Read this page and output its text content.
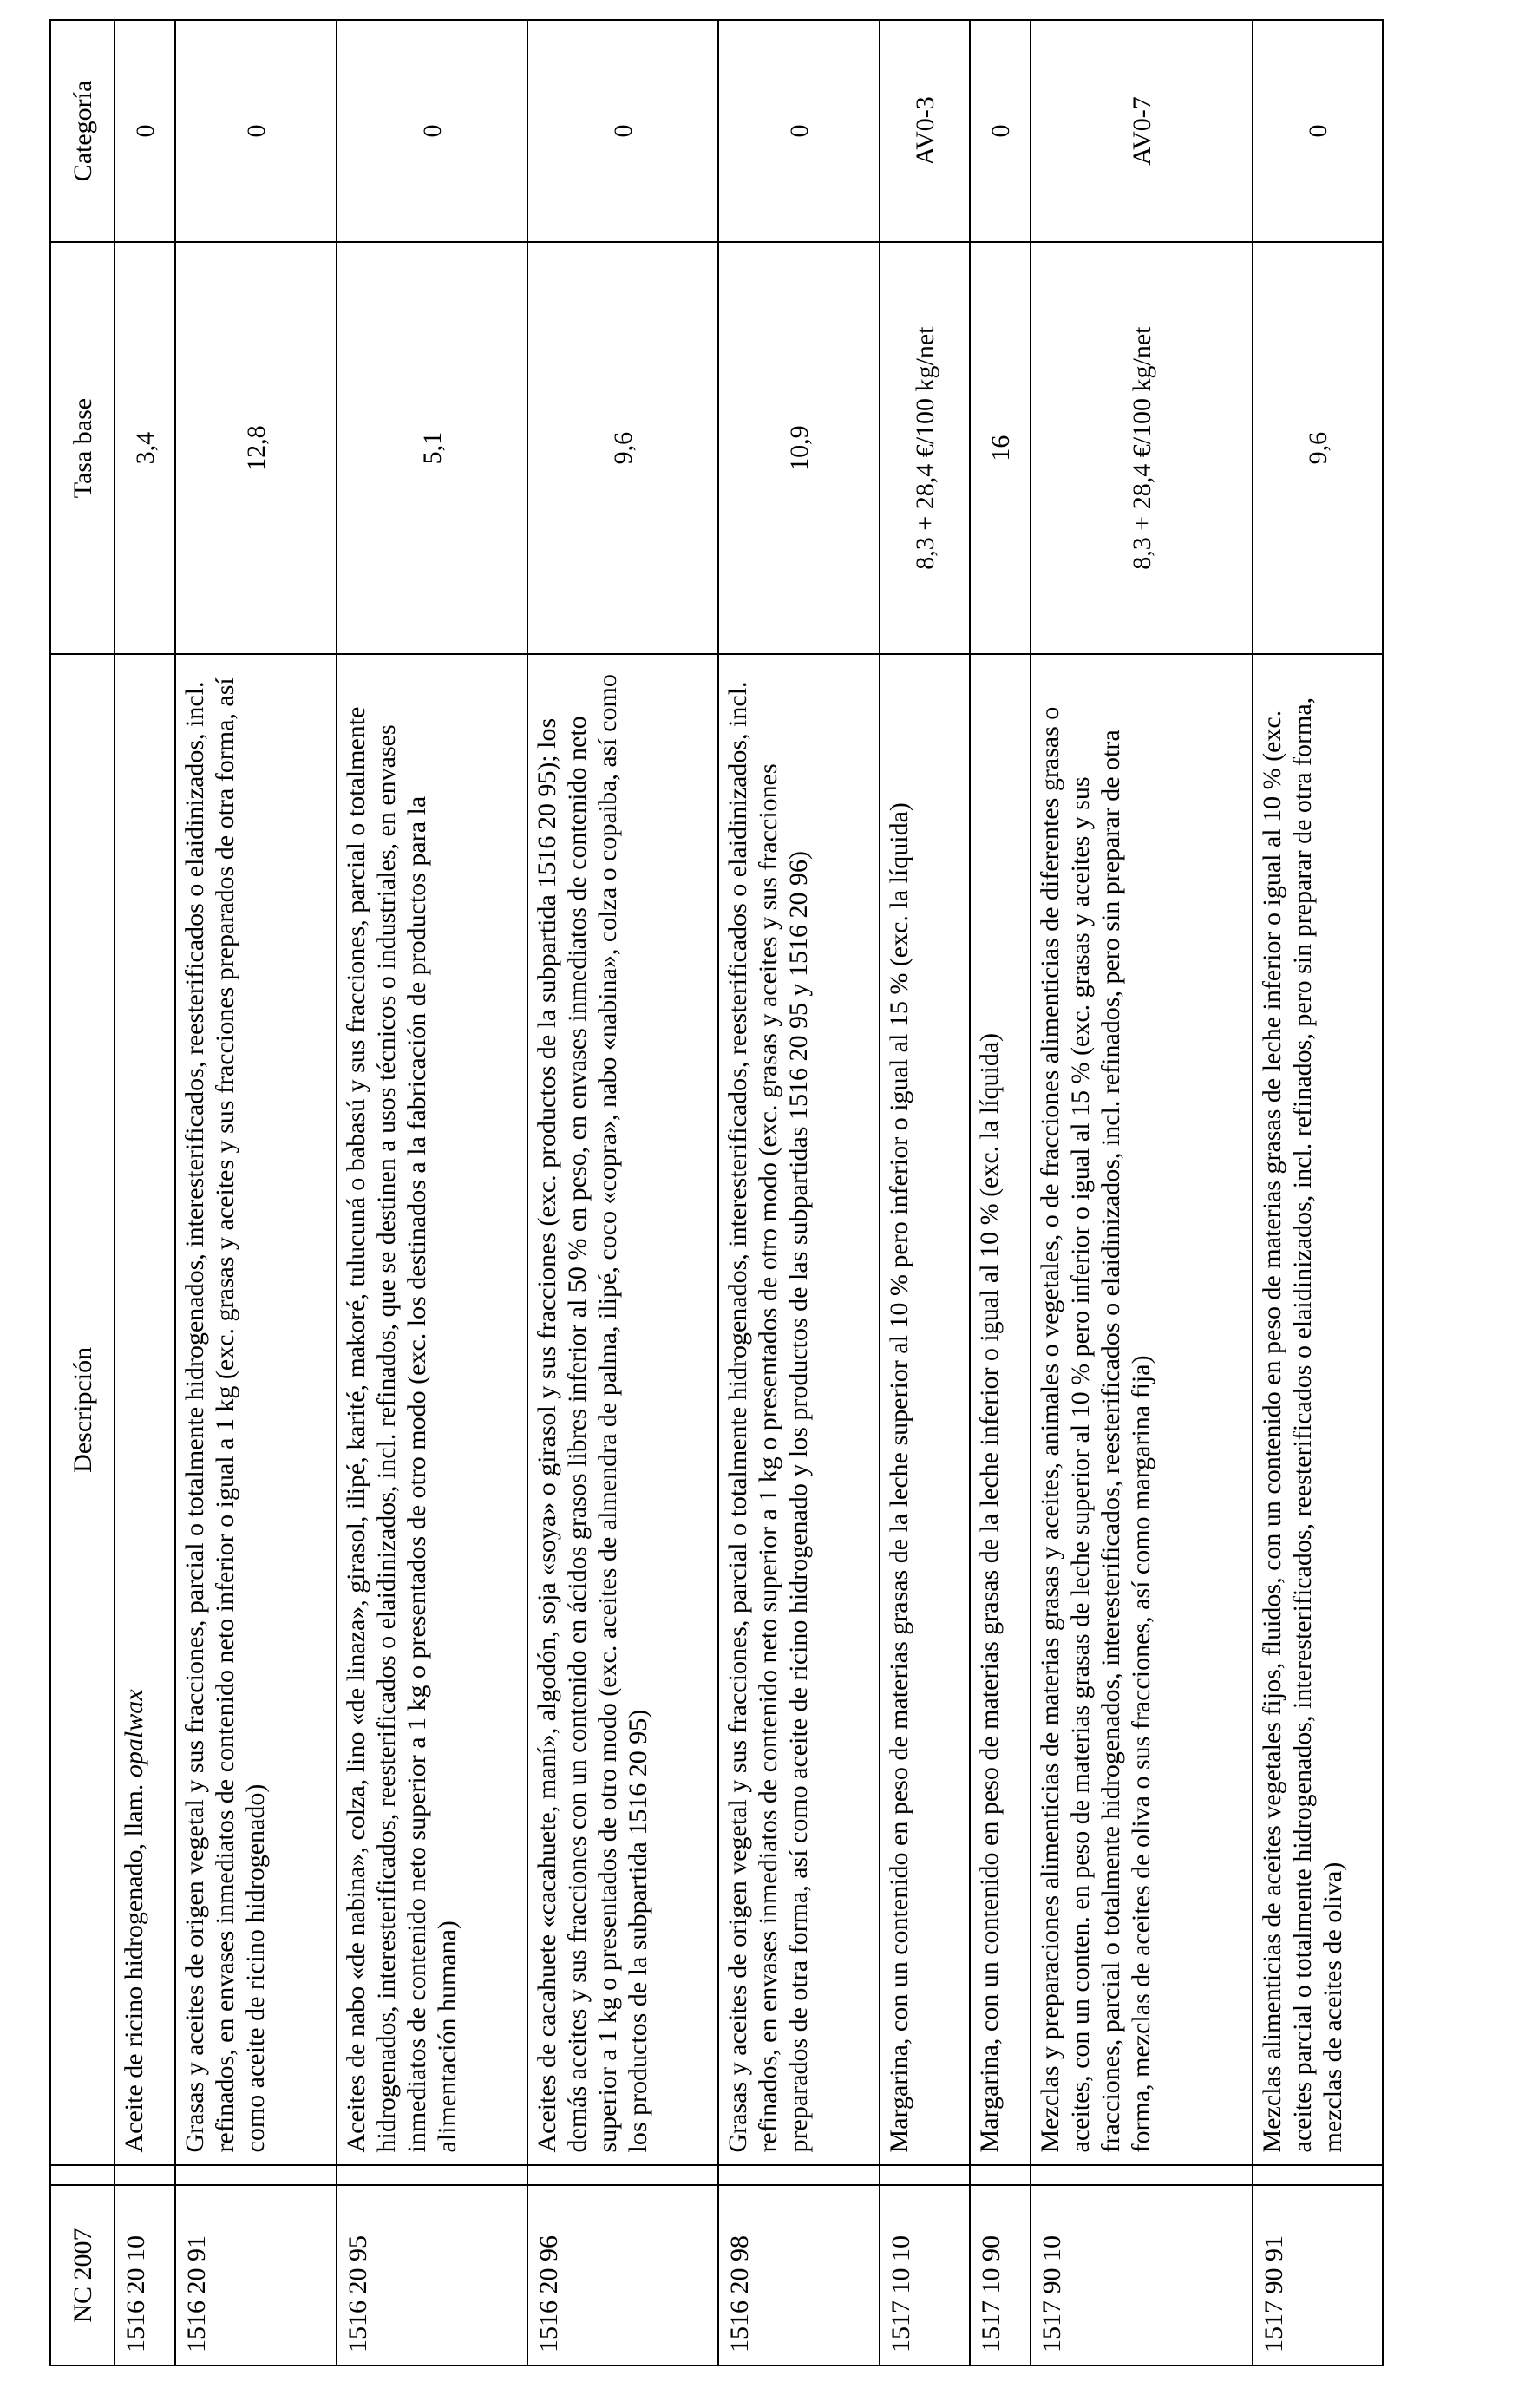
NC 2007		Descripción	Tasa base	Categoría
1516 20 10		Aceite de ricino hidrogenado, llam. opalwax	3,4	0
1516 20 91		Grasas y aceites de origen vegetal y sus fracciones, parcial o totalmente hidrogenados, interesterificados, reesterificados o elaidinizados, incl. refinados, en envases inmediatos de contenido neto inferior o igual a 1 kg (exc. grasas y aceites y sus fracciones preparados de otra forma, así como aceite de ricino hidrogenado)	12,8	0
1516 20 95		Aceites de nabo «de nabina», colza, lino «de linaza», girasol, ilipé, karité, makoré, tulucuná o babasú y sus fracciones, parcial o totalmente hidrogenados, interesterificados, reesterificados o elaidinizados, incl. refinados, que se destinen a usos técnicos o industriales, en envases inmediatos de contenido neto superior a 1 kg o presentados de otro modo (exc. los destinados a la fabricación de productos para la alimentación humana)	5,1	0
1516 20 96		Aceites de cacahuete «cacahuete, maní», algodón, soja «soya» o girasol y sus fracciones (exc. productos de la subpartida 1516 20 95); los demás aceites y sus fracciones con un contenido en ácidos grasos libres inferior al 50 % en peso, en envases inmediatos de contenido neto superior a 1 kg o presentados de otro modo (exc. aceites de almendra de palma, ilipé, coco «copra», nabo «nabina», colza o copaiba, así como los productos de la subpartida 1516 20 95)	9,6	0
1516 20 98		Grasas y aceites de origen vegetal y sus fracciones, parcial o totalmente hidrogenados, interesterificados, reesterificados o elaidinizados, incl. refinados, en envases inmediatos de contenido neto superior a 1 kg o presentados de otro modo (exc. grasas y aceites y sus fracciones preparados de otra forma, así como aceite de ricino hidrogenado y los productos de las subpartidas 1516 20 95 y 1516 20 96)	10,9	0
1517 10 10		Margarina, con un contenido en peso de materias grasas de la leche superior al 10 % pero inferior o igual al 15 % (exc. la líquida)	8,3 + 28,4 €/100 kg/net	AV0-3
1517 10 90		Margarina, con un contenido en peso de materias grasas de la leche inferior o igual al 10 % (exc. la líquida)	16	0
1517 90 10		Mezclas y preparaciones alimenticias de materias grasas y aceites, animales o vegetales, o de fracciones alimenticias de diferentes grasas o aceites, con un conten. en peso de materias grasas de leche superior al 10 % pero inferior o igual al 15 % (exc. grasas y aceites y sus fracciones, parcial o totalmente hidrogenados, interesterificados, reesterificados o elaidinizados, incl. refinados, pero sin preparar de otra forma, mezclas de aceites de oliva o sus fracciones, así como margarina fija)	8,3 + 28,4 €/100 kg/net	AV0-7
1517 90 91		Mezclas alimenticias de aceites vegetales fijos, fluidos, con un contenido en peso de materias grasas de leche inferior o igual al 10 % (exc. aceites parcial o totalmente hidrogenados, interesterificados, reesterificados o elaidinizados, incl. refinados, pero sin preparar de otra forma, mezclas de aceites de oliva)	9,6	0
